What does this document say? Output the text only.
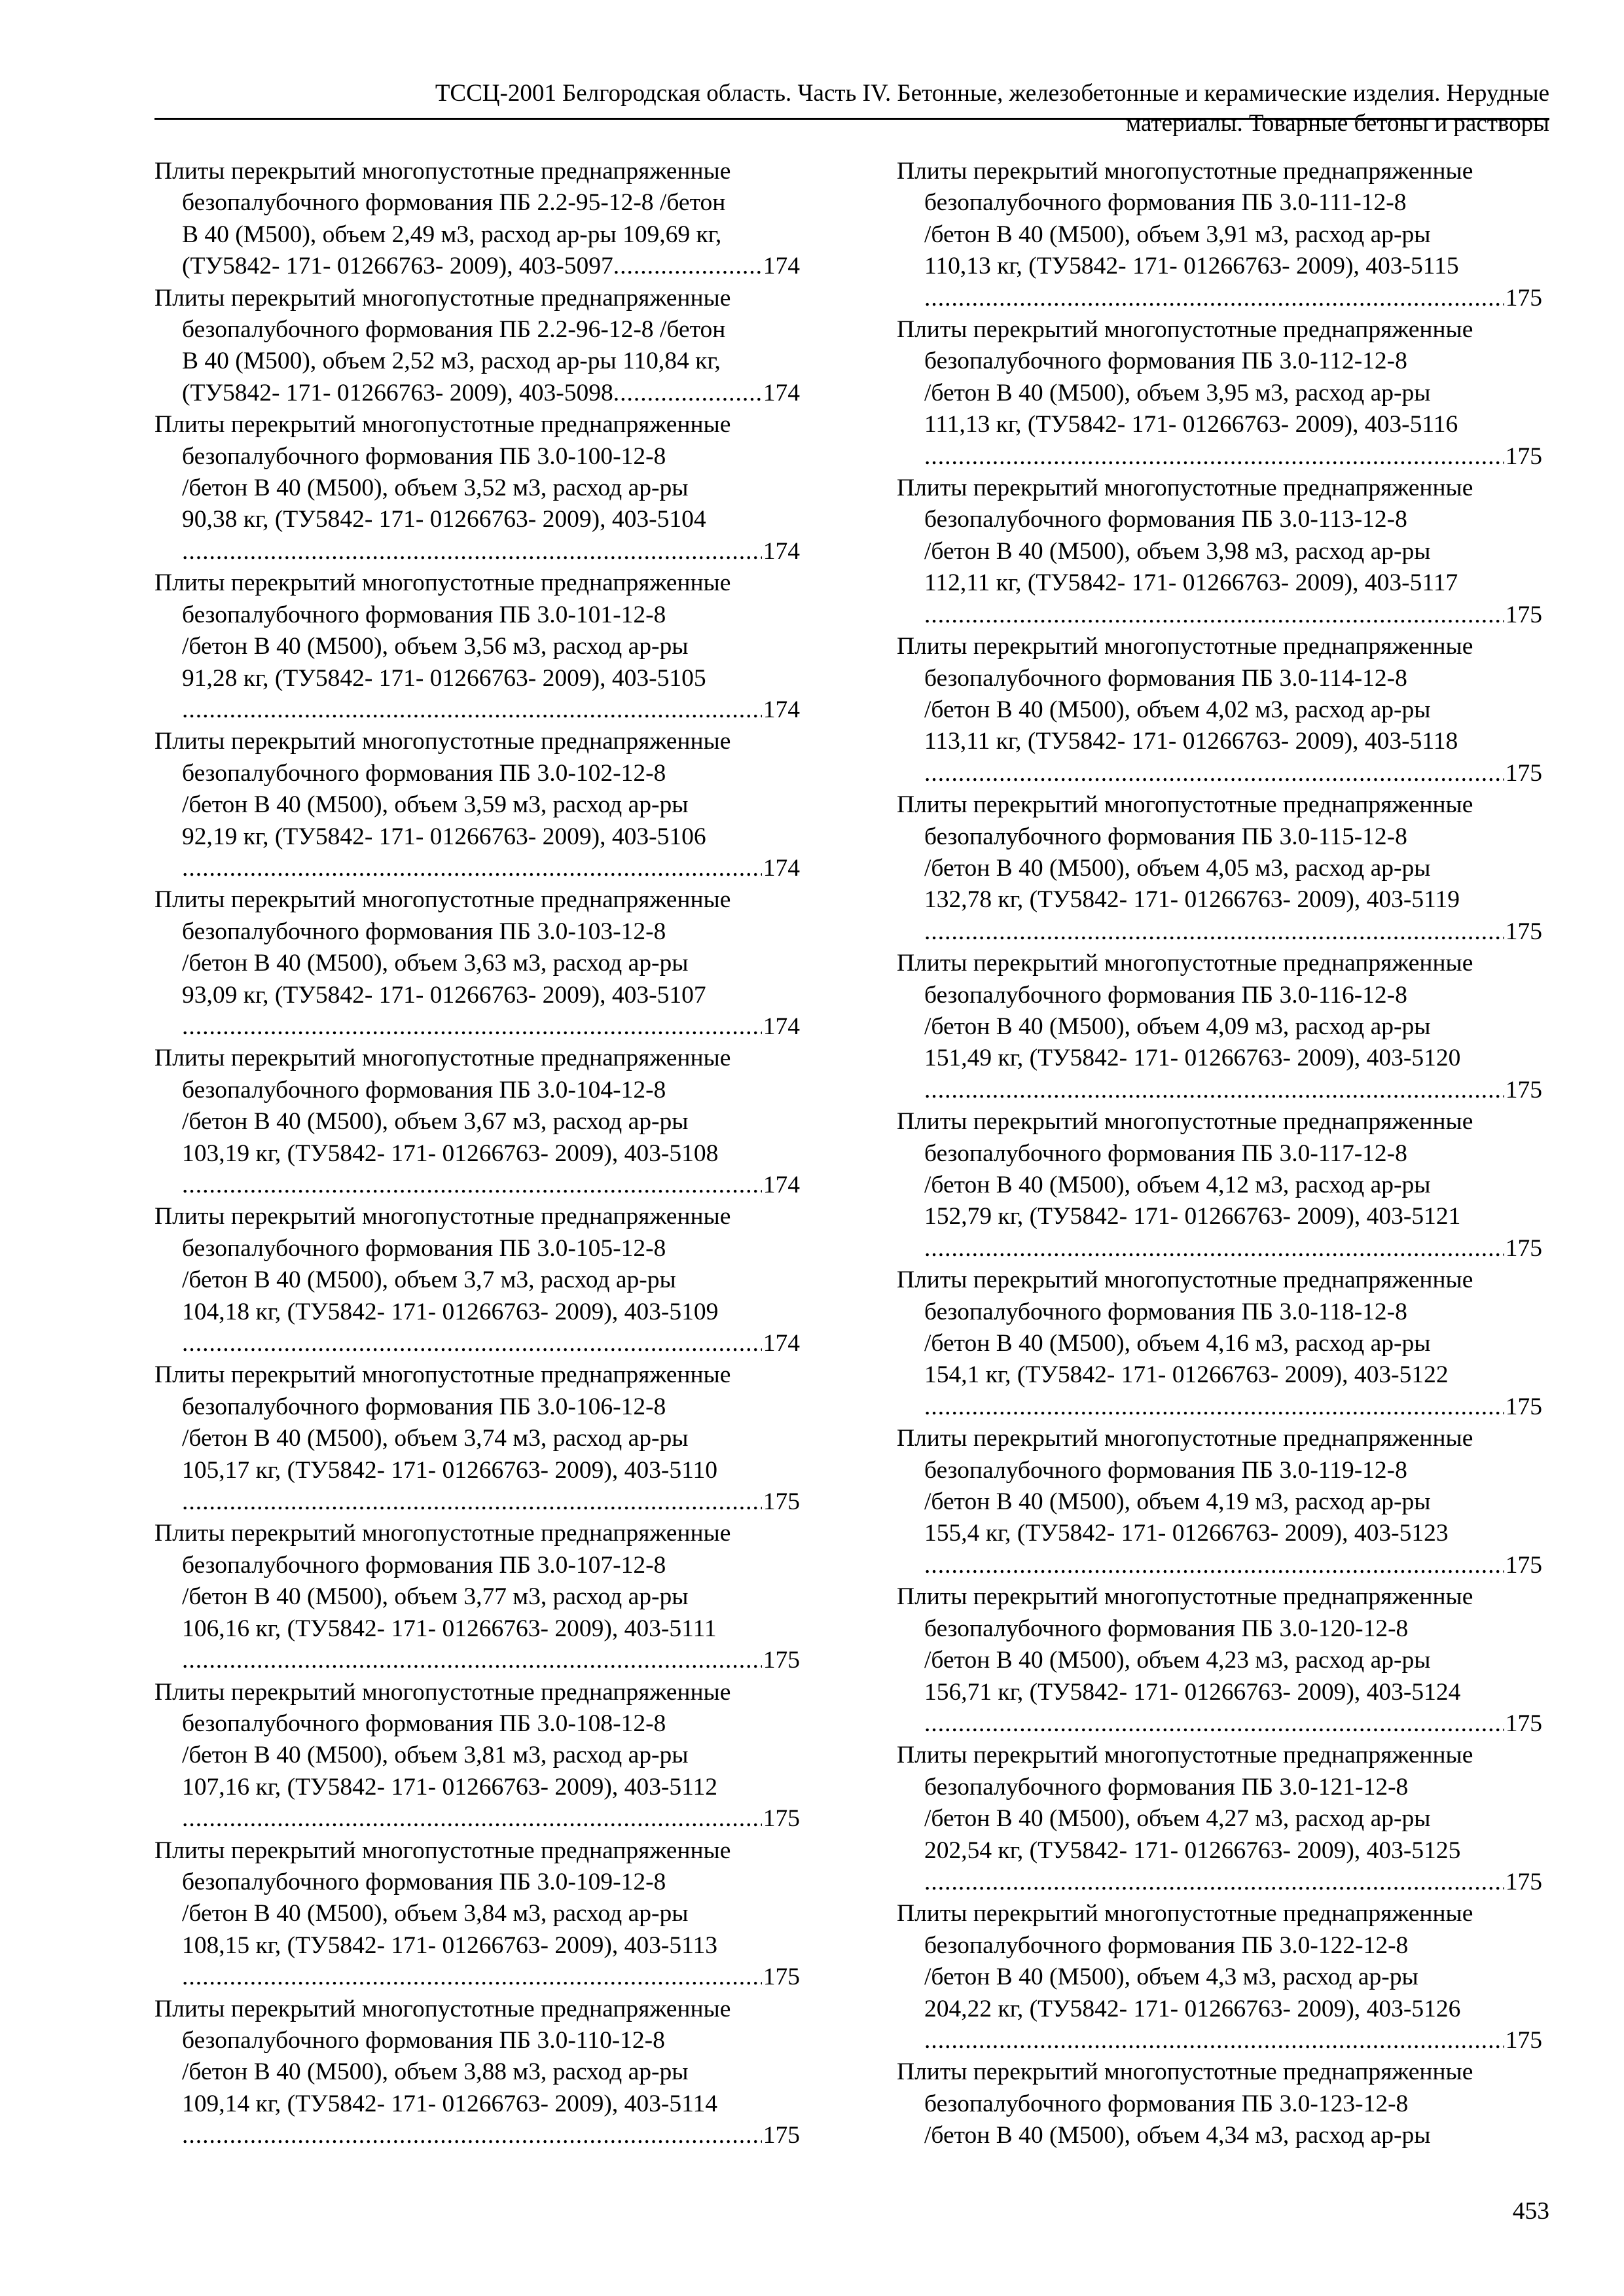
ТССЦ-2001 Белгородская область. Часть IV. Бетонные, железобетонные и керамические изделия. Нерудные
материалы. Товарные бетоны и растворы
Плиты перекрытий многопустотные преднапряженные
безопалубочного формования ПБ 2.2-95-12-8 /бетон
В 40 (М500), объем 2,49 м3, расход ар-ры 109,69 кг,
(ТУ5842- 171- 01266763- 2009), 403-5097 .....	174
Плиты перекрытий многопустотные преднапряженные
безопалубочного формования ПБ 2.2-96-12-8 /бетон
В 40 (М500), объем 2,52 м3, расход ар-ры 110,84 кг,
(ТУ5842- 171- 01266763- 2009), 403-5098 .....	174
Плиты перекрытий многопустотные преднапряженные
безопалубочного формования ПБ 3.0-100-12-8
/бетон В 40 (М500), объем 3,52 м3, расход ар-ры
90,38 кг, (ТУ5842- 171- 01266763- 2009), 403-5104
.....
174
Плиты перекрытий многопустотные преднапряженные
безопалубочного формования ПБ 3.0-101-12-8
/бетон В 40 (М500), объем 3,56 м3, расход ар-ры
91,28 кг, (ТУ5842- 171- 01266763- 2009), 403-5105
.....
174
Плиты перекрытий многопустотные преднапряженные
безопалубочного формования ПБ 3.0-102-12-8
/бетон В 40 (М500), объем 3,59 м3, расход ар-ры
92,19 кг, (ТУ5842- 171- 01266763- 2009), 403-5106
.....
174
Плиты перекрытий многопустотные преднапряженные
безопалубочного формования ПБ 3.0-103-12-8
/бетон В 40 (М500), объем 3,63 м3, расход ар-ры
93,09 кг, (ТУ5842- 171- 01266763- 2009), 403-5107
.....
174
Плиты перекрытий многопустотные преднапряженные
безопалубочного формования ПБ 3.0-104-12-8
/бетон В 40 (М500), объем 3,67 м3, расход ар-ры
103,19 кг, (ТУ5842- 171- 01266763- 2009), 403-5108
.....
174
Плиты перекрытий многопустотные преднапряженные
безопалубочного формования ПБ 3.0-105-12-8
/бетон В 40 (М500), объем 3,7 м3, расход ар-ры
104,18 кг, (ТУ5842- 171- 01266763- 2009), 403-5109
.....
174
Плиты перекрытий многопустотные преднапряженные
безопалубочного формования ПБ 3.0-106-12-8
/бетон В 40 (М500), объем 3,74 м3, расход ар-ры
105,17 кг, (ТУ5842- 171- 01266763- 2009), 403-5110
.....
175
Плиты перекрытий многопустотные преднапряженные
безопалубочного формования ПБ 3.0-107-12-8
/бетон В 40 (М500), объем 3,77 м3, расход ар-ры
106,16 кг, (ТУ5842- 171- 01266763- 2009), 403-5111
.....
175
Плиты перекрытий многопустотные преднапряженные
безопалубочного формования ПБ 3.0-108-12-8
/бетон В 40 (М500), объем 3,81 м3, расход ар-ры
107,16 кг, (ТУ5842- 171- 01266763- 2009), 403-5112
.....
175
Плиты перекрытий многопустотные преднапряженные
безопалубочного формования ПБ 3.0-109-12-8
/бетон В 40 (М500), объем 3,84 м3, расход ар-ры
108,15 кг, (ТУ5842- 171- 01266763- 2009), 403-5113
.....
175
Плиты перекрытий многопустотные преднапряженные
безопалубочного формования ПБ 3.0-110-12-8
/бетон В 40 (М500), объем 3,88 м3, расход ар-ры
109,14 кг, (ТУ5842- 171- 01266763- 2009), 403-5114
.....
175
Плиты перекрытий многопустотные преднапряженные
безопалубочного формования ПБ 3.0-111-12-8
/бетон В 40 (М500), объем 3,91 м3, расход ар-ры
110,13 кг, (ТУ5842- 171- 01266763- 2009), 403-5115
.....
175
Плиты перекрытий многопустотные преднапряженные
безопалубочного формования ПБ 3.0-112-12-8
/бетон В 40 (М500), объем 3,95 м3, расход ар-ры
111,13 кг, (ТУ5842- 171- 01266763- 2009), 403-5116
.....
175
Плиты перекрытий многопустотные преднапряженные
безопалубочного формования ПБ 3.0-113-12-8
/бетон В 40 (М500), объем 3,98 м3, расход ар-ры
112,11 кг, (ТУ5842- 171- 01266763- 2009), 403-5117
.....
175
Плиты перекрытий многопустотные преднапряженные
безопалубочного формования ПБ 3.0-114-12-8
/бетон В 40 (М500), объем 4,02 м3, расход ар-ры
113,11 кг, (ТУ5842- 171- 01266763- 2009), 403-5118
.....
175
Плиты перекрытий многопустотные преднапряженные
безопалубочного формования ПБ 3.0-115-12-8
/бетон В 40 (М500), объем 4,05 м3, расход ар-ры
132,78 кг, (ТУ5842- 171- 01266763- 2009), 403-5119
.....
175
Плиты перекрытий многопустотные преднапряженные
безопалубочного формования ПБ 3.0-116-12-8
/бетон В 40 (М500), объем 4,09 м3, расход ар-ры
151,49 кг, (ТУ5842- 171- 01266763- 2009), 403-5120
.....
175
Плиты перекрытий многопустотные преднапряженные
безопалубочного формования ПБ 3.0-117-12-8
/бетон В 40 (М500), объем 4,12 м3, расход ар-ры
152,79 кг, (ТУ5842- 171- 01266763- 2009), 403-5121
.....
175
Плиты перекрытий многопустотные преднапряженные
безопалубочного формования ПБ 3.0-118-12-8
/бетон В 40 (М500), объем 4,16 м3, расход ар-ры
154,1 кг, (ТУ5842- 171- 01266763- 2009), 403-5122
.....
175
Плиты перекрытий многопустотные преднапряженные
безопалубочного формования ПБ 3.0-119-12-8
/бетон В 40 (М500), объем 4,19 м3, расход ар-ры
155,4 кг, (ТУ5842- 171- 01266763- 2009), 403-5123
.....
175
Плиты перекрытий многопустотные преднапряженные
безопалубочного формования ПБ 3.0-120-12-8
/бетон В 40 (М500), объем 4,23 м3, расход ар-ры
156,71 кг, (ТУ5842- 171- 01266763- 2009), 403-5124
.....
175
Плиты перекрытий многопустотные преднапряженные
безопалубочного формования ПБ 3.0-121-12-8
/бетон В 40 (М500), объем 4,27 м3, расход ар-ры
202,54 кг, (ТУ5842- 171- 01266763- 2009), 403-5125
.....
175
Плиты перекрытий многопустотные преднапряженные
безопалубочного формования ПБ 3.0-122-12-8
/бетон В 40 (М500), объем 4,3 м3, расход ар-ры
204,22 кг, (ТУ5842- 171- 01266763- 2009), 403-5126
.....
175
Плиты перекрытий многопустотные преднапряженные
безопалубочного формования ПБ 3.0-123-12-8
/бетон В 40 (М500), объем 4,34 м3, расход ар-ры
453
